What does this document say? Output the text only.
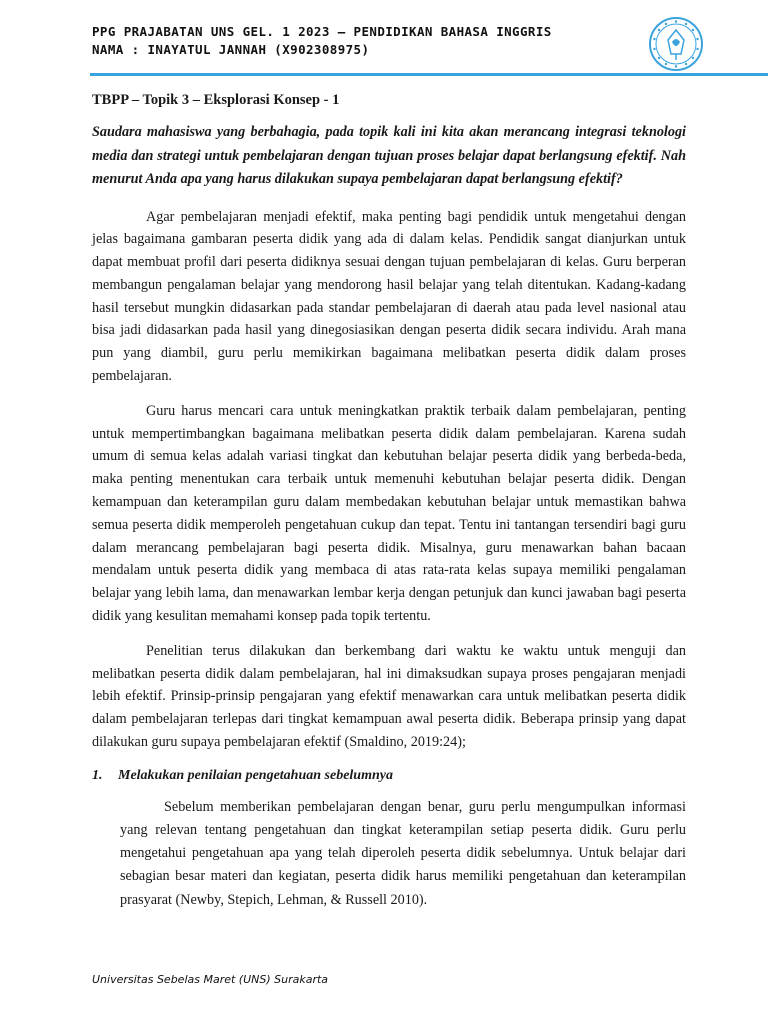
PPG PRAJABATAN UNS GEL. 1 2023 – PENDIDIKAN BAHASA INGGRIS
NAMA : INAYATUL JANNAH (X902308975)
TBPP – Topik 3 – Eksplorasi Konsep - 1

Saudara mahasiswa yang berbahagia, pada topik kali ini kita akan merancang integrasi teknologi media dan strategi untuk pembelajaran dengan tujuan proses belajar dapat berlangsung efektif. Nah menurut Anda apa yang harus dilakukan supaya pembelajaran dapat berlangsung efektif?

Agar pembelajaran menjadi efektif, maka penting bagi pendidik untuk mengetahui dengan jelas bagaimana gambaran peserta didik yang ada di dalam kelas. Pendidik sangat dianjurkan untuk dapat membuat profil dari peserta didiknya sesuai dengan tujuan pembelajaran di kelas. Guru berperan membangun pengalaman belajar yang mendorong hasil belajar yang telah ditentukan. Kadang-kadang hasil tersebut mungkin didasarkan pada standar pembelajaran di daerah atau pada level nasional atau bisa jadi didasarkan pada hasil yang dinegosiasikan dengan peserta didik secara individu. Arah mana pun yang diambil, guru perlu memikirkan bagaimana melibatkan peserta didik dalam proses pembelajaran.

Guru harus mencari cara untuk meningkatkan praktik terbaik dalam pembelajaran, penting untuk mempertimbangkan bagaimana melibatkan peserta didik dalam pembelajaran. Karena sudah umum di semua kelas adalah variasi tingkat dan kebutuhan belajar peserta didik yang berbeda-beda, maka penting menentukan cara terbaik untuk memenuhi kebutuhan belajar peserta didik. Dengan kemampuan dan keterampilan guru dalam membedakan kebutuhan belajar untuk memastikan bahwa semua peserta didik memperoleh pengetahuan cukup dan tepat. Tentu ini tantangan tersendiri bagi guru dalam merancang pembelajaran bagi peserta didik. Misalnya, guru menawarkan bahan bacaan mendalam untuk peserta didik yang membaca di atas rata-rata kelas supaya memiliki pengalaman belajar yang lebih lama, dan menawarkan lembar kerja dengan petunjuk dan kunci jawaban bagi peserta didik yang kesulitan memahami konsep pada topik tertentu.

Penelitian terus dilakukan dan berkembang dari waktu ke waktu untuk menguji dan melibatkan peserta didik dalam pembelajaran, hal ini dimaksudkan supaya proses pengajaran menjadi lebih efektif. Prinsip-prinsip pengajaran yang efektif menawarkan cara untuk melibatkan peserta didik dalam pembelajaran terlepas dari tingkat kemampuan awal peserta didik. Beberapa prinsip yang dapat dilakukan guru supaya pembelajaran efektif (Smaldino, 2019:24);

1.	Melakukan penilaian pengetahuan sebelumnya

Sebelum memberikan pembelajaran dengan benar, guru perlu mengumpulkan informasi yang relevan tentang pengetahuan dan tingkat keterampilan setiap peserta didik. Guru perlu mengetahui pengetahuan apa yang telah diperoleh peserta didik sebelumnya. Untuk belajar dari sebagian besar materi dan kegiatan, peserta didik harus memiliki pengetahuan dan keterampilan prasyarat (Newby, Stepich, Lehman, & Russell 2010).

Universitas Sebelas Maret (UNS) Surakarta
